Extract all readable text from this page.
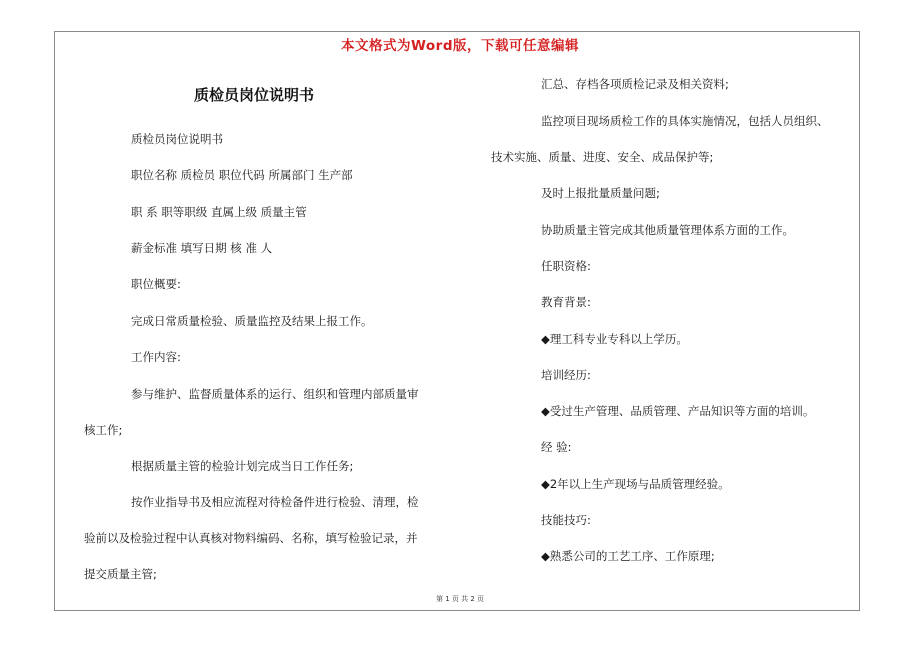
本文格式为Word版，下载可任意编辑
质检员岗位说明书
质检员岗位说明书
职位名称 质检员 职位代码 所属部门 生产部
职 系 职等职级 直属上级 质量主管
薪金标准 填写日期 核 准 人
职位概要:
完成日常质量检验、质量监控及结果上报工作。
工作内容:
参与维护、监督质量体系的运行、组织和管理内部质量审
核工作;
根据质量主管的检验计划完成当日工作任务;
按作业指导书及相应流程对待检备件进行检验、清理，检
验前以及检验过程中认真核对物料编码、名称，填写检验记录，并
提交质量主管;
汇总、存档各项质检记录及相关资料;
监控项目现场质检工作的具体实施情况，包括人员组织、
技术实施、质量、进度、安全、成品保护等;
及时上报批量质量问题;
协助质量主管完成其他质量管理体系方面的工作。
任职资格:
教育背景:
◆理工科专业专科以上学历。
培训经历:
◆受过生产管理、品质管理、产品知识等方面的培训。
经 验:
◆2年以上生产现场与品质管理经验。
技能技巧:
◆熟悉公司的工艺工序、工作原理;
第 1 页 共 2 页
